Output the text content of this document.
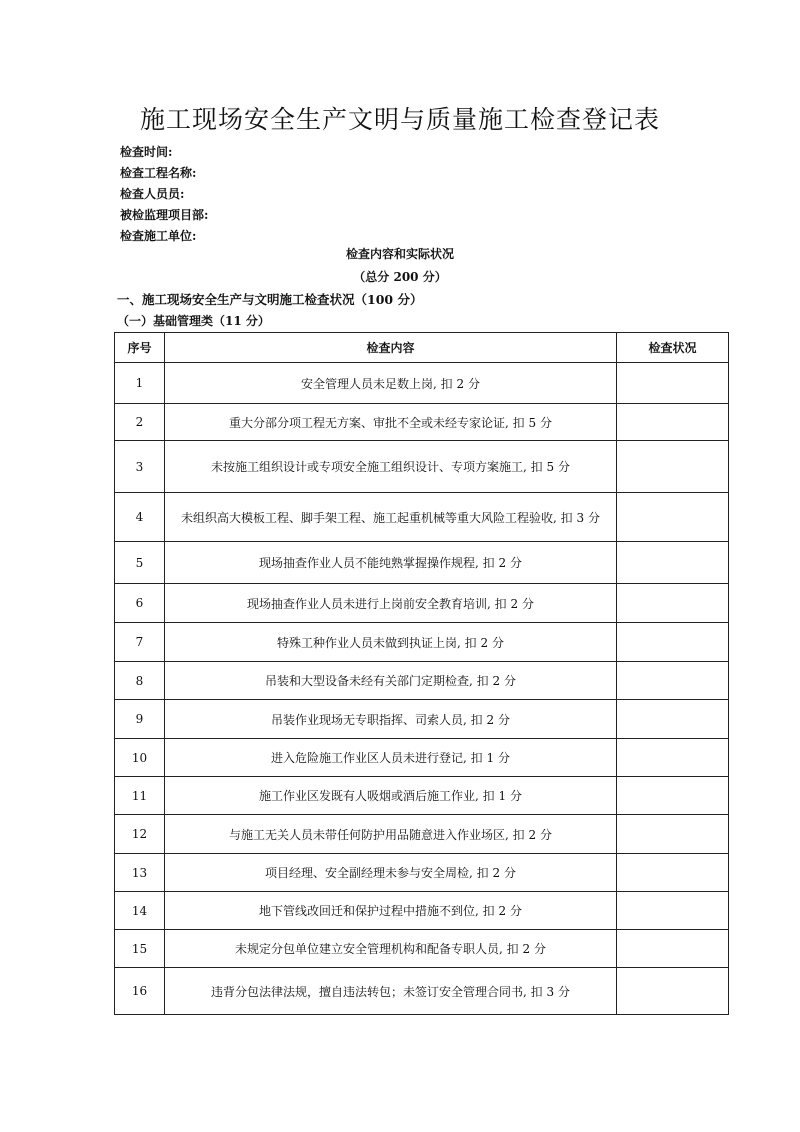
施工现场安全生产文明与质量施工检查登记表
检查时间:
检查工程名称:
检查人员员:
被检监理项目部:
检查施工单位:
检查内容和实际状况
（总分 200 分）
一、施工现场安全生产与文明施工检查状况（100 分）
（一）基础管理类（11 分）
序号	检查内容	检查状况
1	安全管理人员未足数上岗, 扣 2 分	
2	重大分部分项工程无方案、审批不全或未经专家论证, 扣 5 分	
3	未按施工组织设计或专项安全施工组织设计、专项方案施工, 扣 5 分	
4	未组织高大模板工程、脚手架工程、施工起重机械等重大风险工程验收, 扣 3 分	
5	现场抽查作业人员不能纯熟掌握操作规程, 扣 2 分	
6	现场抽查作业人员未进行上岗前安全教育培训, 扣 2 分	
7	特殊工种作业人员未做到执证上岗, 扣 2 分	
8	吊装和大型设备未经有关部门定期检查, 扣 2 分	
9	吊装作业现场无专职指挥、司索人员, 扣 2 分	
10	进入危险施工作业区人员未进行登记, 扣 1 分	
11	施工作业区发既有人吸烟或酒后施工作业, 扣 1 分	
12	与施工无关人员未带任何防护用品随意进入作业场区, 扣 2 分	
13	项目经理、安全副经理未参与安全周检, 扣 2 分	
14	地下管线改回迁和保护过程中措施不到位, 扣 2 分	
15	未规定分包单位建立安全管理机构和配备专职人员, 扣 2 分	
16	违背分包法律法规，擅自违法转包；未签订安全管理合同书, 扣 3 分	
